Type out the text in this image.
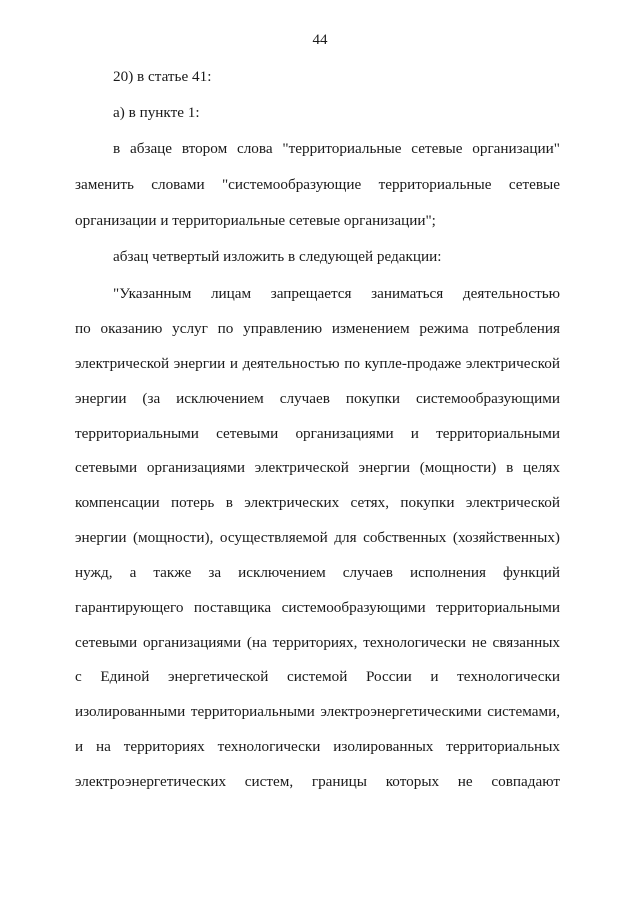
44
20) в статье 41:
а) в пункте 1:
в абзаце втором слова "территориальные сетевые организации"
заменить словами "системообразующие территориальные сетевые
организации и территориальные сетевые организации";
абзац четвертый изложить в следующей редакции:
"Указанным лицам запрещается заниматься деятельностью
по оказанию услуг по управлению изменением режима потребления
электрической энергии и деятельностью по купле-продаже электрической
энергии (за исключением случаев покупки системообразующими
территориальными сетевыми организациями и территориальными
сетевыми организациями электрической энергии (мощности) в целях
компенсации потерь в электрических сетях, покупки электрической
энергии (мощности), осуществляемой для собственных (хозяйственных)
нужд, а также за исключением случаев исполнения функций
гарантирующего поставщика системообразующими территориальными
сетевыми организациями (на территориях, технологически не связанных
с Единой энергетической системой России и технологически
изолированными территориальными электроэнергетическими системами,
и на территориях технологически изолированных территориальных
электроэнергетических систем, границы которых не совпадают
